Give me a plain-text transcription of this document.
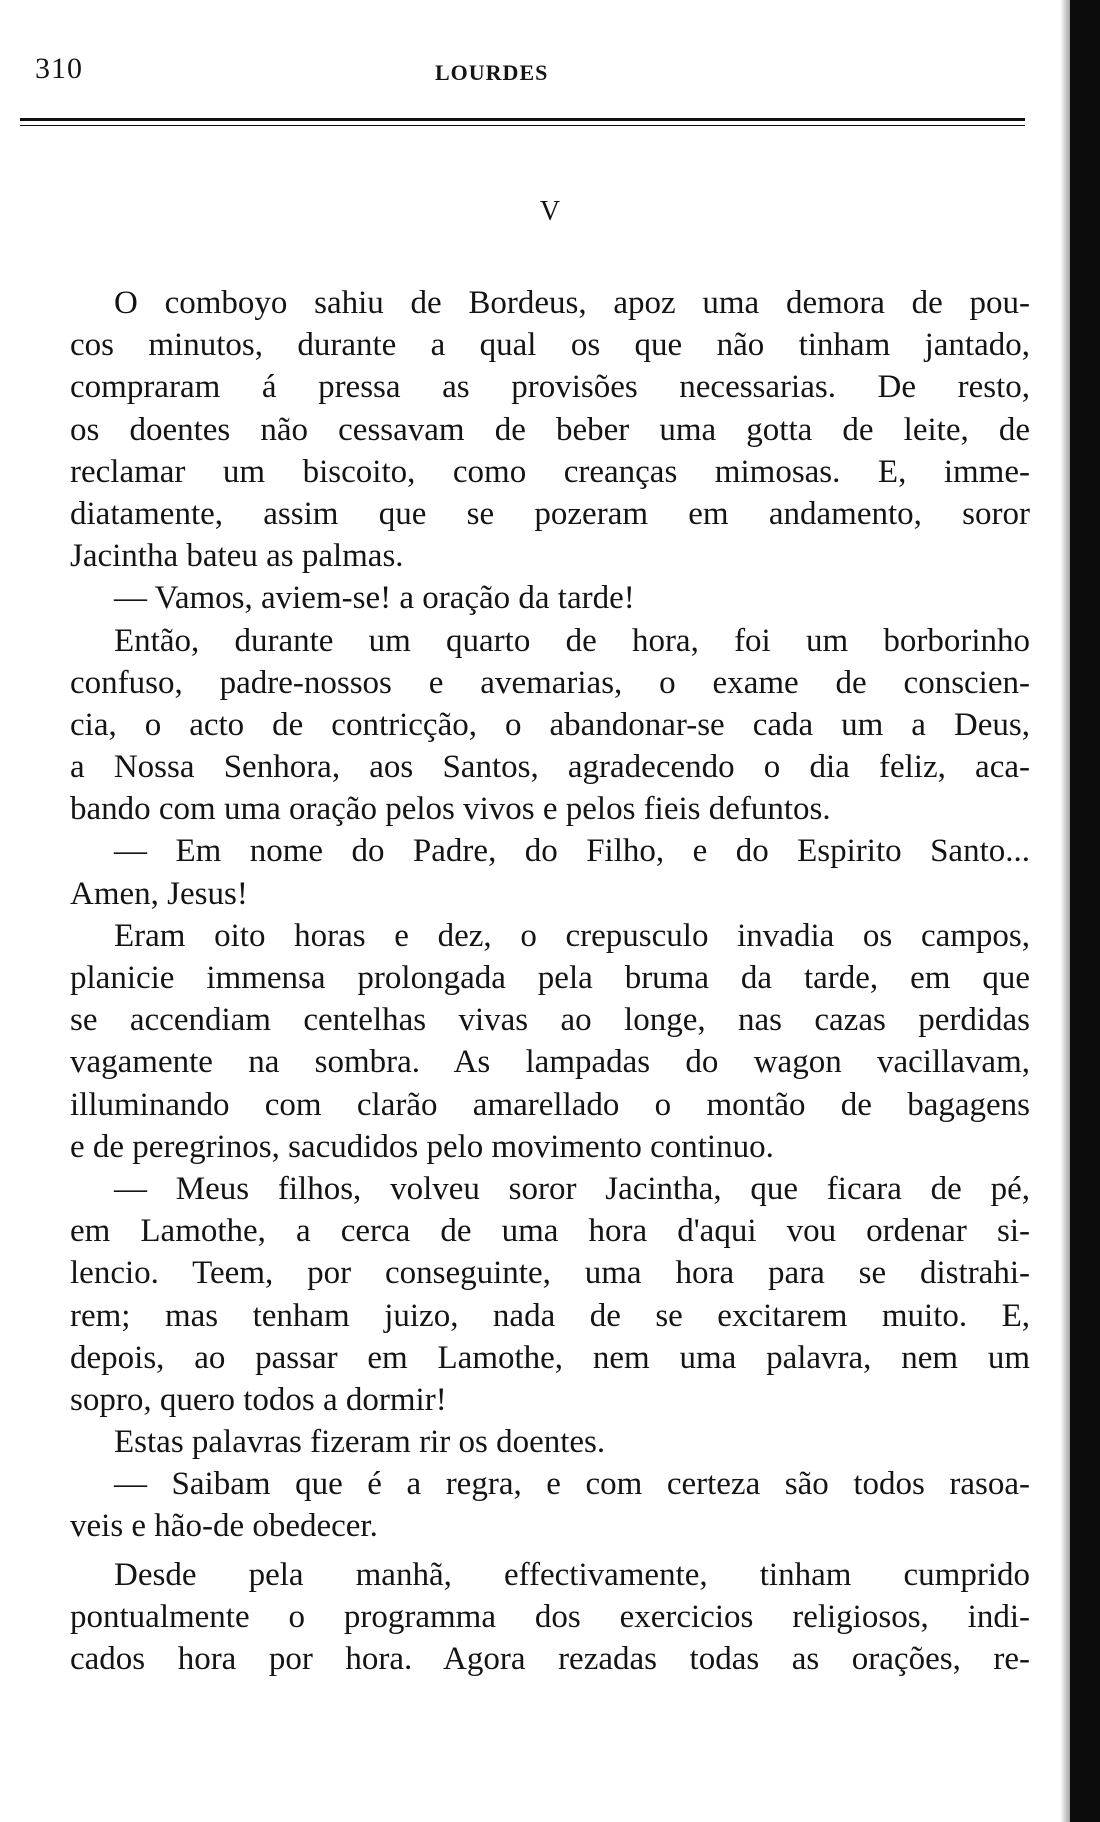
310	LOURDES
V
O comboyo sahiu de Bordeus, apoz uma demora de pou-
cos minutos, durante a qual os que não tinham jantado,
compraram á pressa as provisões necessarias. De resto,
os doentes não cessavam de beber uma gotta de leite, de
reclamar um biscoito, como creanças mimosas. E, imme-
diatamente, assim que se pozeram em andamento, soror
Jacintha bateu as palmas.
— Vamos, aviem-se! a oração da tarde!
Então, durante um quarto de hora, foi um borborinho
confuso, padre-nossos e avemarias, o exame de conscien-
cia, o acto de contricção, o abandonar-se cada um a Deus,
a Nossa Senhora, aos Santos, agradecendo o dia feliz, aca-
bando com uma oração pelos vivos e pelos fieis defuntos.
— Em nome do Padre, do Filho, e do Espirito Santo...
Amen, Jesus!
Eram oito horas e dez, o crepusculo invadia os campos,
planicie immensa prolongada pela bruma da tarde, em que
se accendiam centelhas vivas ao longe, nas cazas perdidas
vagamente na sombra. As lampadas do wagon vacillavam,
illuminando com clarão amarellado o montão de bagagens
e de peregrinos, sacudidos pelo movimento continuo.
— Meus filhos, volveu soror Jacintha, que ficara de pé,
em Lamothe, a cerca de uma hora d'aqui vou ordenar si-
lencio. Teem, por conseguinte, uma hora para se distrahi-
rem; mas tenham juizo, nada de se excitarem muito. E,
depois, ao passar em Lamothe, nem uma palavra, nem um
sopro, quero todos a dormir!
Estas palavras fizeram rir os doentes.
— Saibam que é a regra, e com certeza são todos rasoa-
veis e hão-de obedecer.
Desde pela manhã, effectivamente, tinham cumprido
pontualmente o programma dos exercicios religiosos, indi-
cados hora por hora. Agora rezadas todas as orações, re-
